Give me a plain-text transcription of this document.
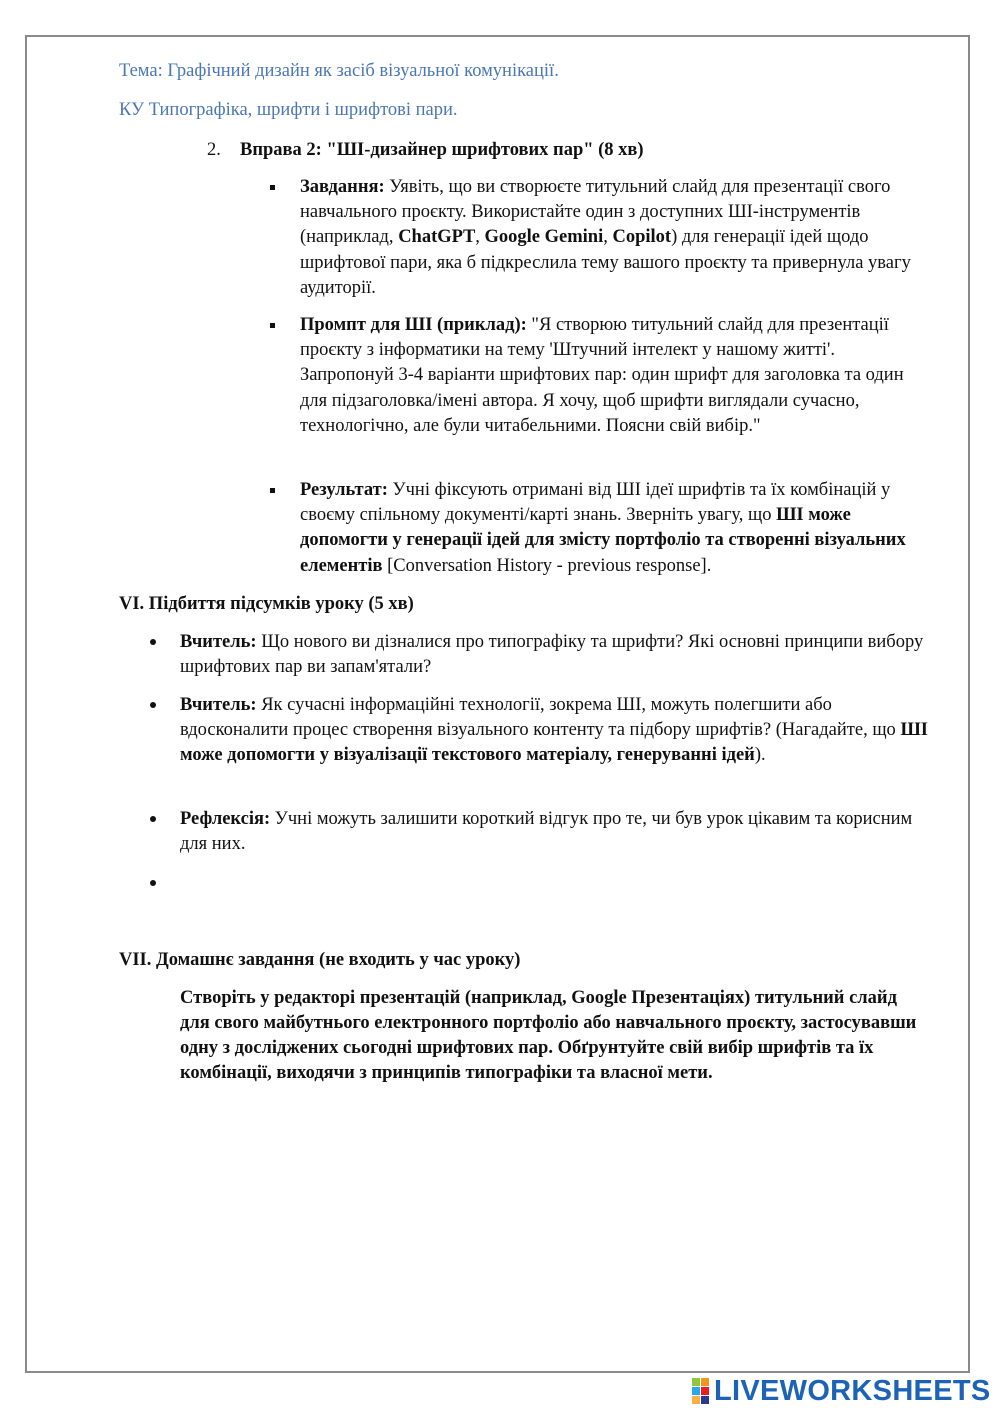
Тема: Графічний дизайн як засіб візуальної комунікації.
КУ Типографіка, шрифти і шрифтові пари.
2. Вправа 2: "ШІ-дизайнер шрифтових пар" (8 хв)
Завдання: Уявіть, що ви створюєте титульний слайд для презентації свого навчального проєкту. Використайте один з доступних ШІ-інструментів (наприклад, ChatGPT, Google Gemini, Copilot) для генерації ідей щодо шрифтової пари, яка б підкреслила тему вашого проєкту та привернула увагу аудиторії.
Промпт для ШІ (приклад): "Я створюю титульний слайд для презентації проєкту з інформатики на тему 'Штучний інтелект у нашому житті'. Запропонуй 3-4 варіанти шрифтових пар: один шрифт для заголовка та один для підзаголовка/імені автора. Я хочу, щоб шрифти виглядали сучасно, технологічно, але були читабельними. Поясни свій вибір."
Результат: Учні фіксують отримані від ШІ ідеї шрифтів та їх комбінацій у своєму спільному документі/карті знань. Зверніть увагу, що ШІ може допомогти у генерації ідей для змісту портфоліо та створенні візуальних елементів [Conversation History - previous response].
VI. Підбиття підсумків уроку (5 хв)
Вчитель: Що нового ви дізналися про типографіку та шрифти? Які основні принципи вибору шрифтових пар ви запам'ятали?
Вчитель: Як сучасні інформаційні технології, зокрема ШІ, можуть полегшити або вдосконалити процес створення візуального контенту та підбору шрифтів? (Нагадайте, що ШІ може допомогти у візуалізації текстового матеріалу, генеруванні ідей).
Рефлексія: Учні можуть залишити короткий відгук про те, чи був урок цікавим та корисним для них.
VII. Домашнє завдання (не входить у час уроку)
Створіть у редакторі презентацій (наприклад, Google Презентаціях) титульний слайд для свого майбутнього електронного портфоліо або навчального проєкту, застосувавши одну з досліджених сьогодні шрифтових пар. Обґрунтуйте свій вибір шрифтів та їх комбінації, виходячи з принципів типографіки та власної мети.
LIVEWORKSHEETS
